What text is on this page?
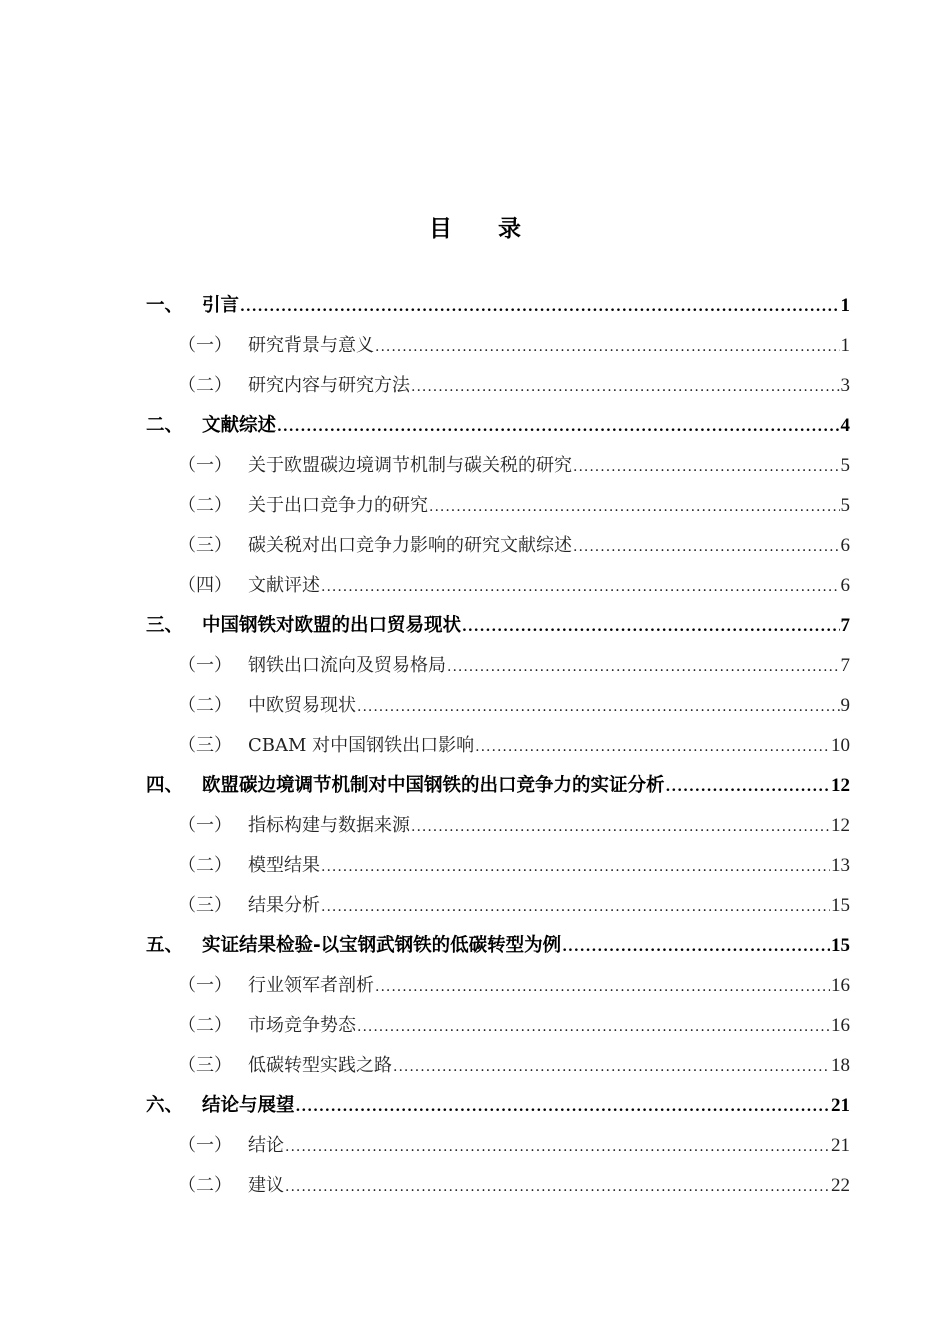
目 录
一、	引言 .....	1
（一） 研究背景与意义 .....	1
（二） 研究内容与研究方法 .....	3
二、	文献综述 .....	4
（一） 关于欧盟碳边境调节机制与碳关税的研究 .....	5
（二） 关于出口竞争力的研究 .....	5
（三） 碳关税对出口竞争力影响的研究文献综述 .....	6
（四） 文献评述 .....	6
三、	中国钢铁对欧盟的出口贸易现状 .....	7
（一） 钢铁出口流向及贸易格局 .....	7
（二） 中欧贸易现状 .....	9
（三） CBAM 对中国钢铁出口影响 .....	10
四、	欧盟碳边境调节机制对中国钢铁的出口竞争力的实证分析 .....	12
（一） 指标构建与数据来源 .....	12
（二） 模型结果 .....	13
（三） 结果分析 .....	15
五、	实证结果检验-以宝钢武钢铁的低碳转型为例 .....	15
（一） 行业领军者剖析 .....	16
（二） 市场竞争势态 .....	16
（三） 低碳转型实践之路 .....	18
六、	结论与展望 .....	21
（一） 结论 .....	21
（二） 建议 .....	22
